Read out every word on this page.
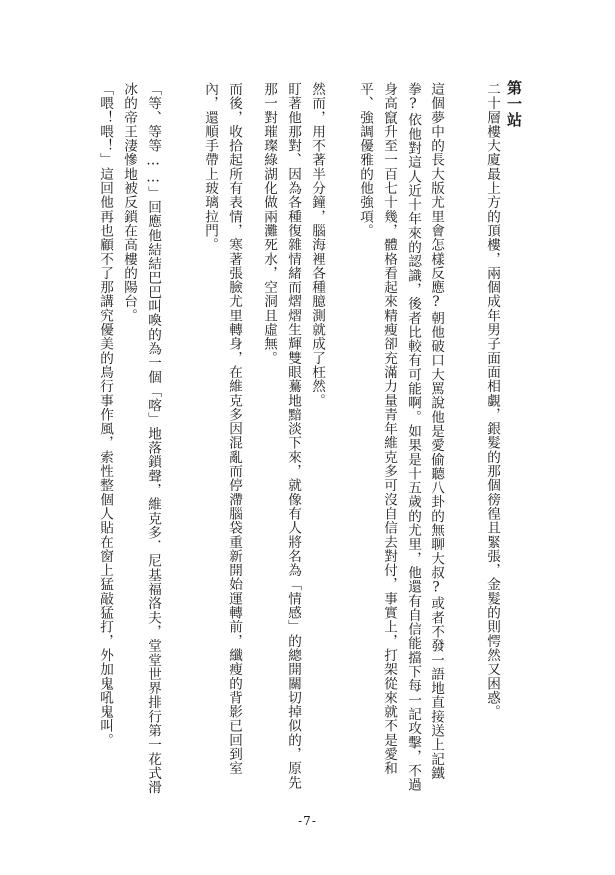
第一站
二十層樓大廈最上方的頂樓，兩個成年男子面面相覷，銀髮的那個徬徨且緊張，金髮的則愕然又困惑。
這個夢中的長大版尤里會怎樣反應?朝他破口大罵說他是愛偷聽八卦的無聊大叔?或者不發一語地直接送上記鐵
拳?依他對這人近十年來的認識，後者比較有可能啊。如果是十五歲的尤里，他還有自信能擋下每一記攻擊，不過
身高竄升至一百七十幾，體格看起來精瘦卻充滿力量青年維克多可沒自信去對付，事實上，打架從來就不是愛和
平、強調優雅的他強項。
然而，用不著半分鐘，腦海裡各種臆測就成了枉然。
盯著他那對、因為各種復雜情緒而熠熠生輝雙眼驀地黯淡下來，就像有人將名為「情感」的總開關切掉似的，原先
那一對璀璨綠湖化做兩灘死水，空洞且虛無。
而後，收拾起所有表情，寒著張臉尤里轉身，在維克多因混亂而停滯腦袋重新開始運轉前，纖瘦的背影已回到室
內，還順手帶上玻璃拉門。
「等、等等……」回應他結結巴巴叫喚的為一個「喀」地落鎖聲，維克多．尼基福洛夫，堂堂世界排行第一花式滑
冰的帝王淒慘地被反鎖在高樓的陽台。
「喂！喂！」這回他再也顧不了那講究優美的鳥行事作風，索性整個人貼在窗上猛敲猛打，外加鬼吼鬼叫。
-7-
